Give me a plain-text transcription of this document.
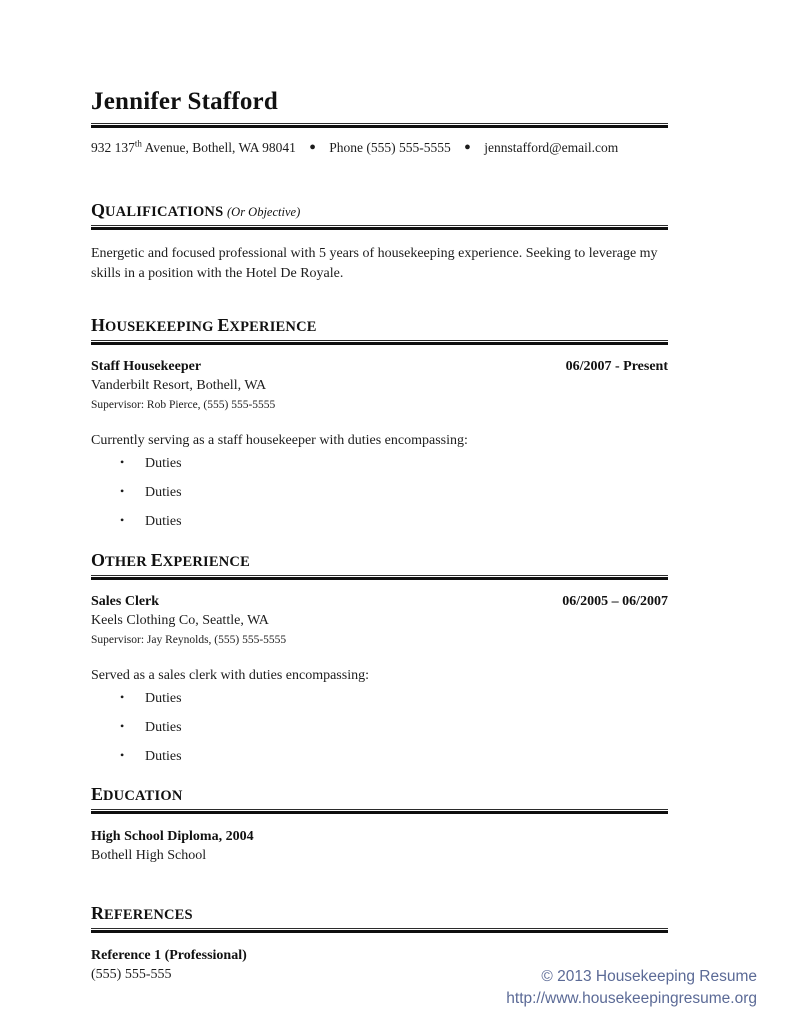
Jennifer Stafford
932 137th Avenue, Bothell, WA 98041 ● Phone (555) 555-5555 ● jennstafford@email.com
QUALIFICATIONS (Or Objective)

Energetic and focused professional with 5 years of housekeeping experience. Seeking to leverage my skills in a position with the Hotel De Royale.

HOUSEKEEPING EXPERIENCE
Staff Housekeeper	06/2007 - Present

Vanderbilt Resort, Bothell, WA

Supervisor: Rob Pierce, (555) 555-5555

Currently serving as a staff housekeeper with duties encompassing:

• Duties
• Duties
• Duties
OTHER EXPERIENCE
Sales Clerk	06/2005 – 06/2007

Keels Clothing Co, Seattle, WA

Supervisor: Jay Reynolds, (555) 555-5555

Served as a sales clerk with duties encompassing:

• Duties
• Duties
• Duties
EDUCATION
High School Diploma, 2004

Bothell High School

REFERENCES
Reference 1 (Professional)

(555) 555-555	© 2013 Housekeeping Resume
http://www.housekeepingresume.org
